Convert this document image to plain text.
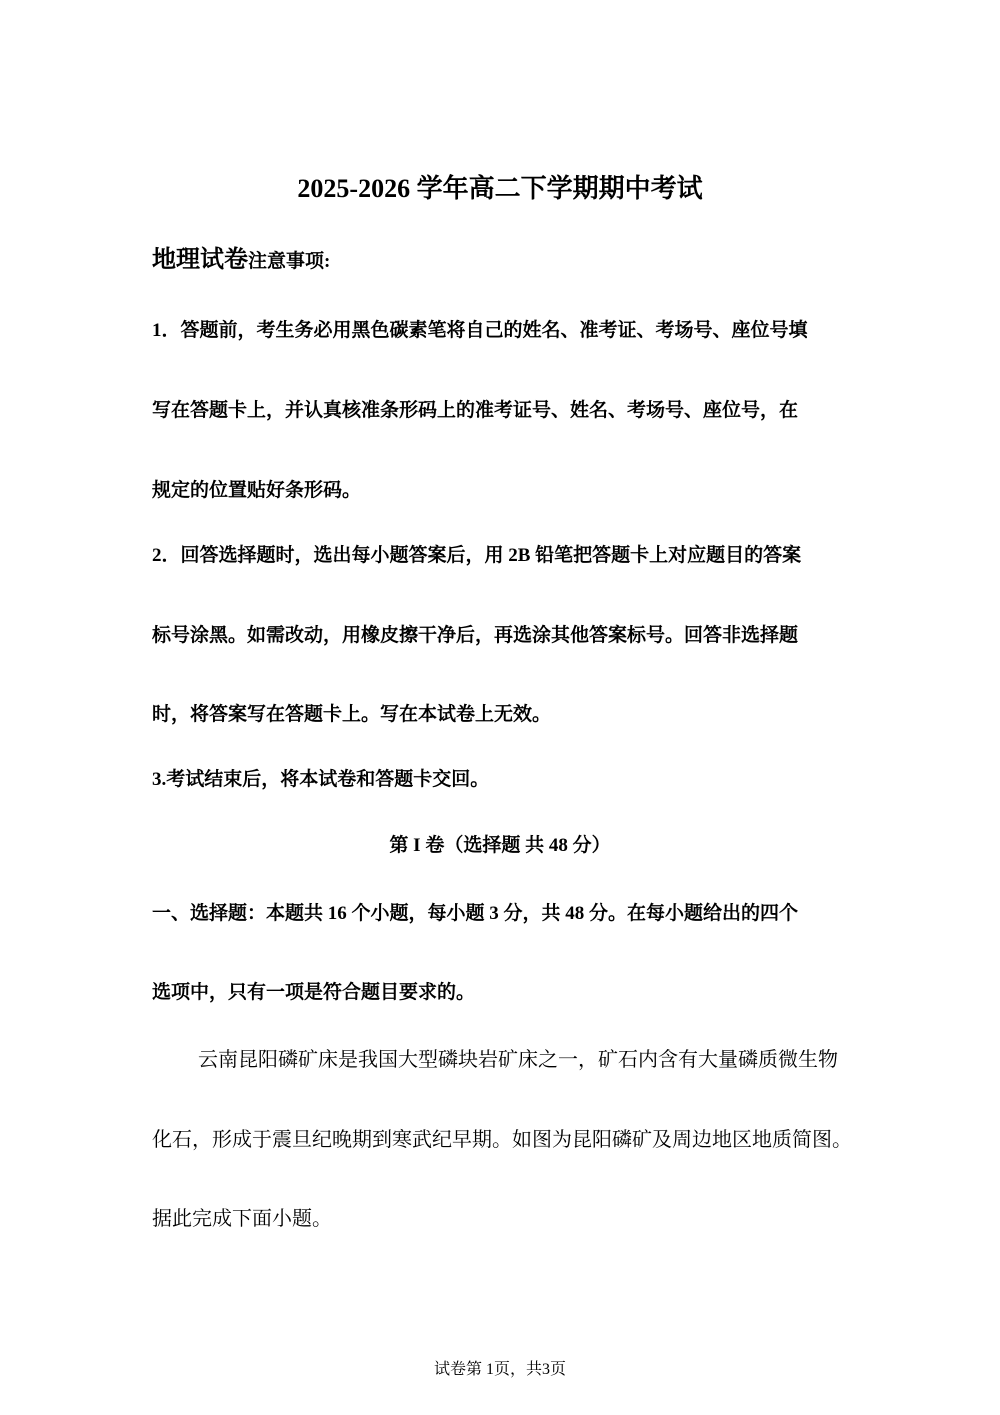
2025-2026 学年高二下学期期中考试
地理试卷注意事项:
1．答题前，考生务必用黑色碳素笔将自己的姓名、准考证、考场号、座位号填
写在答题卡上，并认真核准条形码上的准考证号、姓名、考场号、座位号，在
规定的位置贴好条形码。
2．回答选择题时，选出每小题答案后，用 2B 铅笔把答题卡上对应题目的答案
标号涂黑。如需改动，用橡皮擦干净后，再选涂其他答案标号。回答非选择题
时，将答案写在答题卡上。写在本试卷上无效。
3.考试结束后，将本试卷和答题卡交回。
第 I 卷（选择题 共 48 分）
一、选择题：本题共 16 个小题，每小题 3 分，共 48 分。在每小题给出的四个
选项中，只有一项是符合题目要求的。
云南昆阳磷矿床是我国大型磷块岩矿床之一，矿石内含有大量磷质微生物
化石，形成于震旦纪晚期到寒武纪早期。如图为昆阳磷矿及周边地区地质简图。
据此完成下面小题。
试卷第 1页，共3页
